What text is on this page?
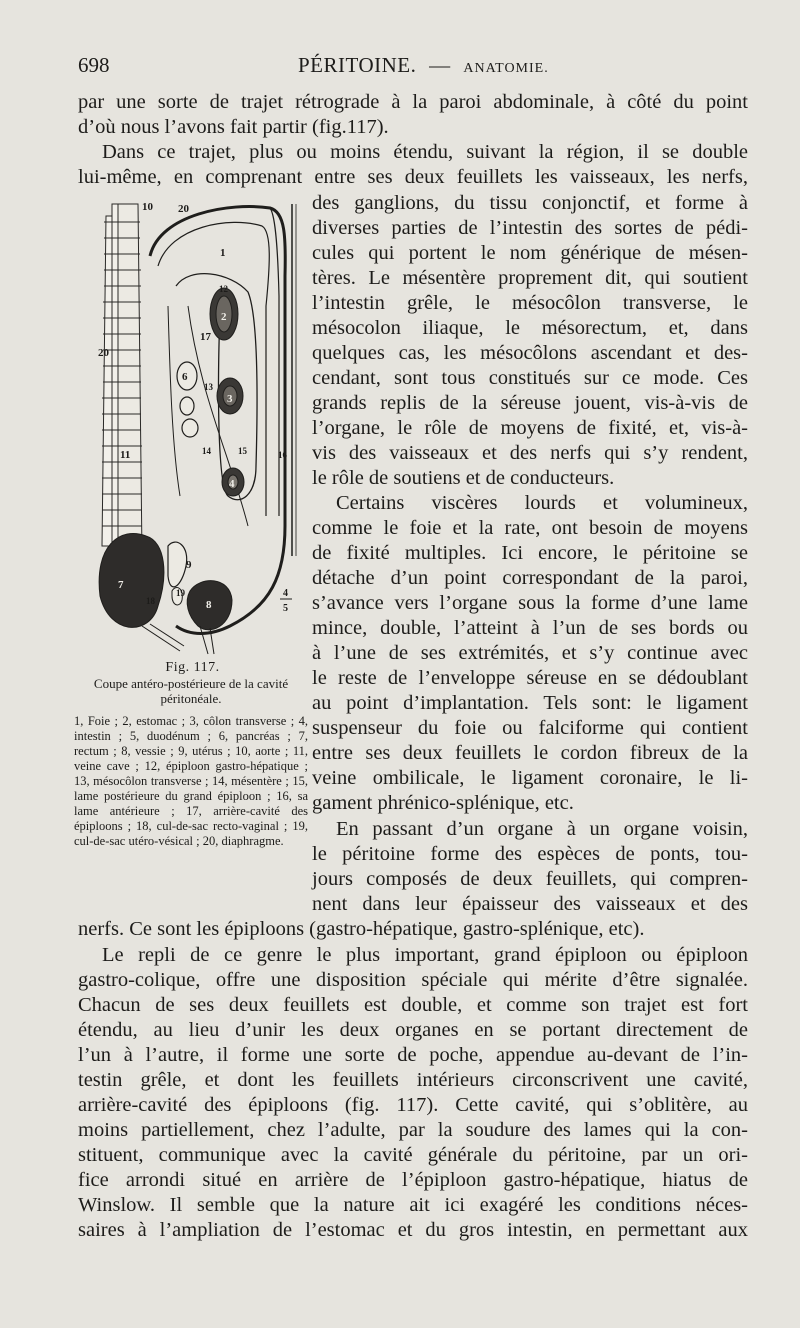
698	PÉRITOINE. — ANATOMIE.
par une sorte de trajet rétrograde à la paroi abdominale, à côté du point
d’où nous l’avons fait partir (fig.117).
Dans ce trajet, plus ou moins étendu, suivant la région, il se double
lui-même, en comprenant entre ses deux feuillets les vaisseaux, les nerfs,
des ganglions, du tissu conjonctif, et forme à
diverses parties de l’intestin des sortes de pédi-
cules qui portent le nom générique de mésen-
tères. Le mésentère proprement dit, qui soutient
l’intestin grêle, le mésocôlon transverse, le
mésocolon iliaque, le mésorectum, et, dans
quelques cas, les mésocôlons ascendant et des-
cendant, sont tous constitués sur ce mode. Ces
grands replis de la séreuse jouent, vis-à-vis de
l’organe, le rôle de moyens de fixité, et, vis-à-
vis des vaisseaux et des nerfs qui s’y rendent,
le rôle de soutiens et de conducteurs.
Certains viscères lourds et volumineux,
comme le foie et la rate, ont besoin de moyens
de fixité multiples. Ici encore, le péritoine se
détache d’un point correspondant de la paroi,
s’avance vers l’organe sous la forme d’une lame
mince, double, l’atteint à l’un de ses bords ou
à l’une de ses extrémités, et s’y continue avec
le reste de l’enveloppe séreuse en se dédoublant
au point d’implantation. Tels sont: le ligament
suspenseur du foie ou falciforme qui contient
entre ses deux feuillets le cordon fibreux de la
veine ombilicale, le ligament coronaire, le li-
gament phrénico-splénique, etc.
En passant d’un organe à un organe voisin,
le péritoine forme des espèces de ponts, tou-
jours composés de deux feuillets, qui compren-
nent dans leur épaisseur des vaisseaux et des
nerfs. Ce sont les épiploons (gastro-hépatique, gastro-splénique, etc).
Le repli de ce genre le plus important, grand épiploon ou épiploon
gastro-colique, offre une disposition spéciale qui mérite d’être signalée.
Chacun de ses deux feuillets est double, et comme son trajet est fort
étendu, au lieu d’unir les deux organes en se portant directement de
l’un à l’autre, il forme une sorte de poche, appendue au-devant de l’in-
testin grêle, et dont les feuillets intérieurs circonscrivent une cavité,
arrière-cavité des épiploons (fig. 117). Cette cavité, qui s’oblitère, au
moins partiellement, chez l’adulte, par la soudure des lames qui la con-
stituent, communique avec la cavité générale du péritoine, par un ori-
fice arrondi situé en arrière de l’épiploon gastro-hépatique, hiatus de
Winslow. Il semble que la nature ait ici exagéré les conditions néces-
saires à l’ampliation de l’estomac et du gros intestin, en permettant aux
10 20
1
12
2
17
20
6
13
3
11	14	15	16
4
9
7
19
18	8
4
5
Fig. 117.
Coupe antéro-postérieure de la cavité péritonéale.
1, Foie ; 2, estomac ; 3, côlon transverse ; 4, intestin ; 5, duodénum ; 6, pancréas ; 7, rectum ; 8, vessie ; 9, utérus ; 10, aorte ; 11, veine cave ; 12, épiploon gastro-hépatique ; 13, mésocôlon transverse ; 14, mésentère ; 15, lame postérieure du grand épiploon ; 16, sa lame antérieure ; 17, arrière-cavité des épiploons ; 18, cul-de-sac recto-vaginal ; 19, cul-de-sac utéro-vésical ; 20, diaphragme.
